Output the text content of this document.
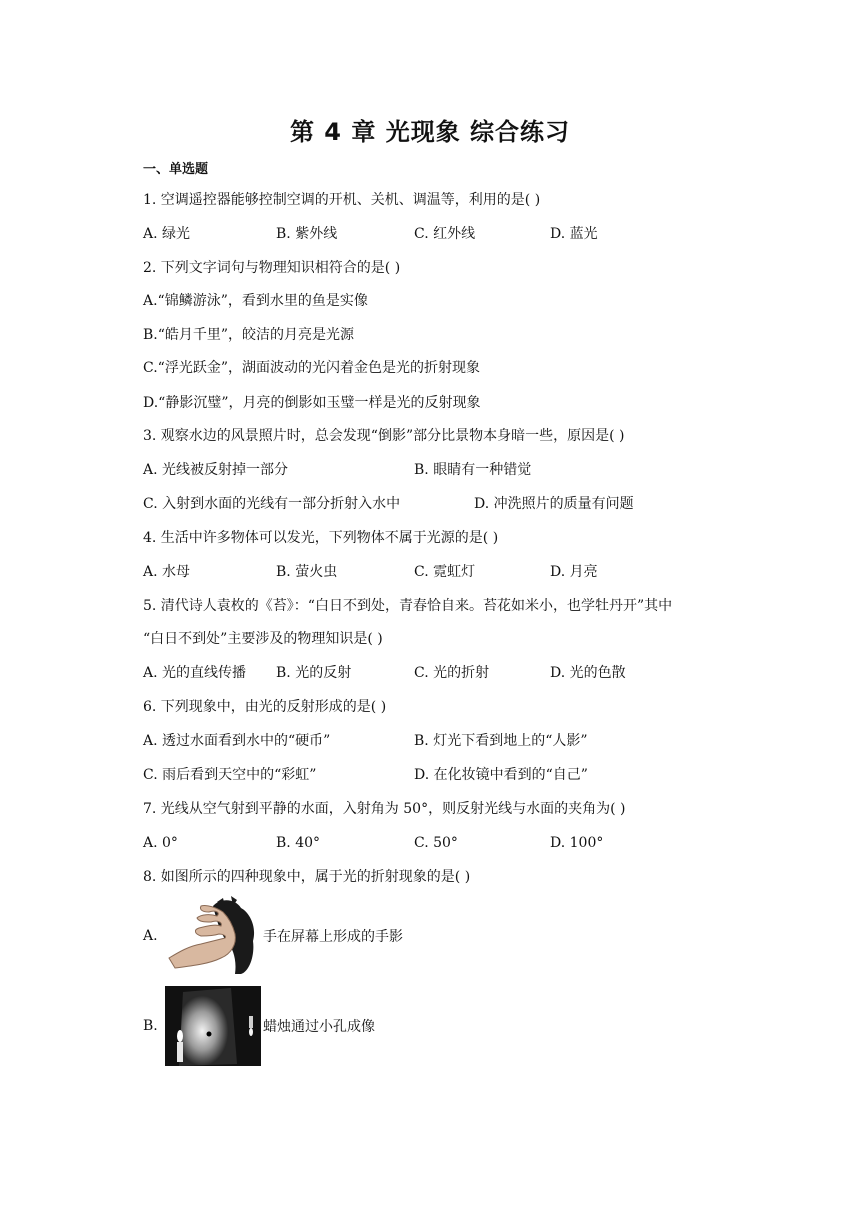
第 4 章 光现象 综合练习
一、单选题
1. 空调遥控器能够控制空调的开机、关机、调温等，利用的是( )
A. 绿光	B. 紫外线	C. 红外线	D. 蓝光
2. 下列文字词句与物理知识相符合的是( )
A.“锦鳞游泳”，看到水里的鱼是实像
B.“皓月千里”，皎洁的月亮是光源
C.“浮光跃金”，湖面波动的光闪着金色是光的折射现象
D.“静影沉璧”，月亮的倒影如玉璧一样是光的反射现象
3. 观察水边的风景照片时，总会发现“倒影”部分比景物本身暗一些，原因是( )
A. 光线被反射掉一部分	B. 眼睛有一种错觉
C. 入射到水面的光线有一部分折射入水中	D. 冲洗照片的质量有问题
4. 生活中许多物体可以发光，下列物体不属于光源的是( )
A. 水母	B. 萤火虫	C. 霓虹灯	D. 月亮
5. 清代诗人袁枚的《苔》：“白日不到处，青春恰自来。苔花如米小，也学牡丹开”其中
“白日不到处”主要涉及的物理知识是( )
A. 光的直线传播 B. 光的反射	C. 光的折射	D. 光的色散
6. 下列现象中，由光的反射形成的是( )
A. 透过水面看到水中的“硬币”	B. 灯光下看到地上的“人影”
C. 雨后看到天空中的“彩虹”	D. 在化妆镜中看到的“自己”
7. 光线从空气射到平静的水面，入射角为 50°，则反射光线与水面的夹角为( )
A. 0°	B. 40°	C. 50°	D. 100°
8. 如图所示的四种现象中，属于光的折射现象的是( )
A.	手在屏幕上形成的手影
B.	蜡烛通过小孔成像
